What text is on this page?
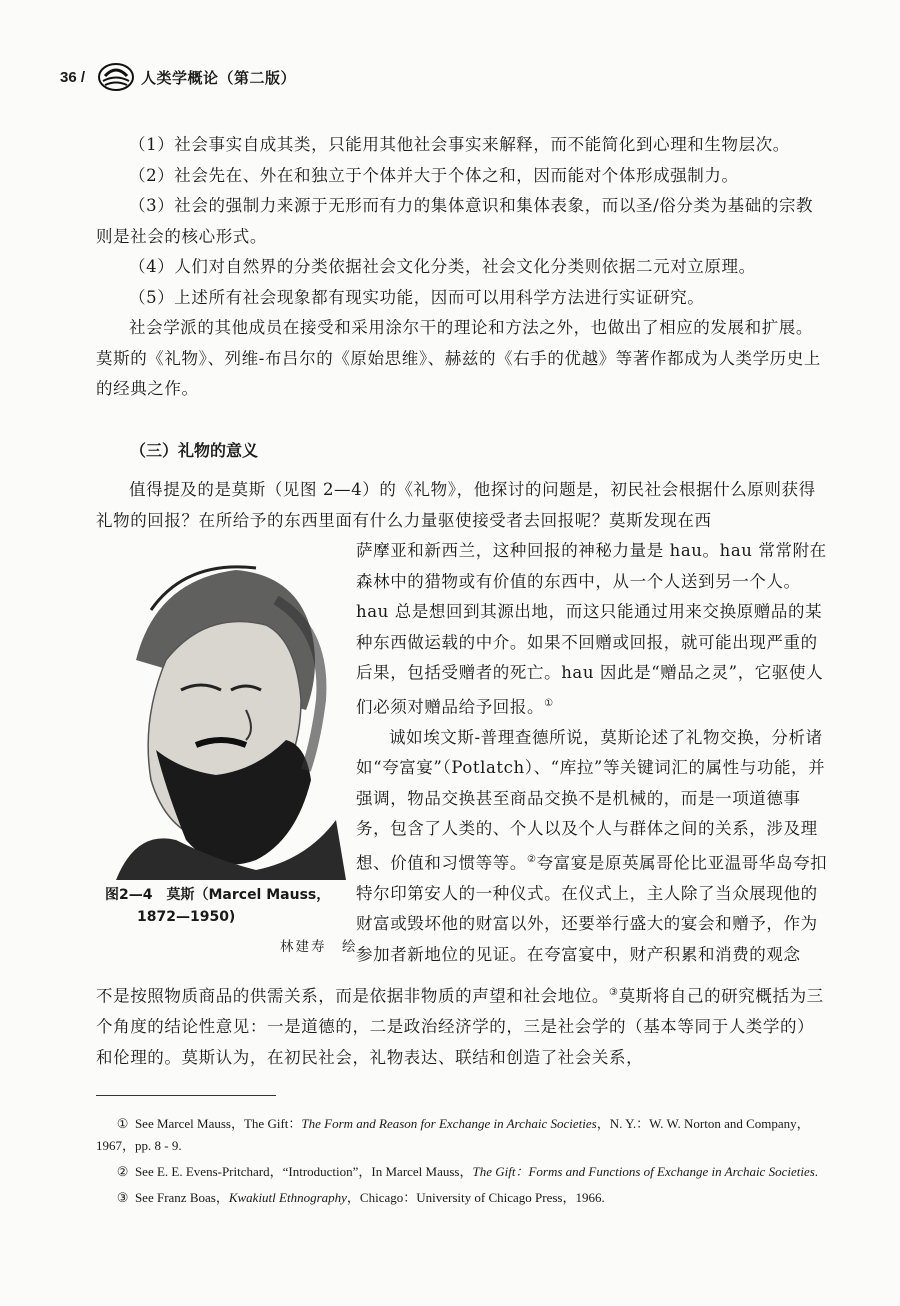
36 /	人类学概论（第二版）

（1）社会事实自成其类，只能用其他社会事实来解释，而不能简化到心理和生物层次。

（2）社会先在、外在和独立于个体并大于个体之和，因而能对个体形成强制力。

（3）社会的强制力来源于无形而有力的集体意识和集体表象，而以圣/俗分类为基础的宗教则是社会的核心形式。

（4）人们对自然界的分类依据社会文化分类，社会文化分类则依据二元对立原理。

（5）上述所有社会现象都有现实功能，因而可以用科学方法进行实证研究。

社会学派的其他成员在接受和采用涂尔干的理论和方法之外，也做出了相应的发展和扩展。莫斯的《礼物》、列维-布吕尔的《原始思维》、赫兹的《右手的优越》等著作都成为人类学历史上的经典之作。

（三）礼物的意义

值得提及的是莫斯（见图 2—4）的《礼物》，他探讨的问题是，初民社会根据什么原则获得礼物的回报？在所给予的东西里面有什么力量驱使接受者去回报呢？莫斯发现在西

萨摩亚和新西兰，这种回报的神秘力量是 hau。hau 常常附在森林中的猎物或有价值的东西中，从一个人送到另一个人。hau 总是想回到其源出地，而这只能通过用来交换原赠品的某种东西做运载的中介。如果不回赠或回报，就可能出现严重的后果，包括受赠者的死亡。hau 因此是“赠品之灵”，它驱使人们必须对赠品给予回报。①

诚如埃文斯-普理查德所说，莫斯论述了礼物交换，分析诸如“夸富宴”（Potlatch）、“库拉”等关键词汇的属性与功能，并强调，物品交换甚至商品交换不是机械的，而是一项道德事务，包含了人类的、个人以及个人与群体之间的关系，涉及理想、价值和习惯等等。②夸富宴是原英属哥伦比亚温哥华岛夸扣特尔印第安人的一种仪式。在仪式上，主人除了当众展现他的财富或毁坏他的财富以外，还要举行盛大的宴会和赠予，作为参加者新地位的见证。在夸富宴中，财产积累和消费的观念

不是按照物质商品的供需关系，而是依据非物质的声望和社会地位。③莫斯将自己的研究概括为三个角度的结论性意见：一是道德的，二是政治经济学的，三是社会学的（基本等同于人类学的）和伦理的。莫斯认为，在初民社会，礼物表达、联结和创造了社会关系，

图2—4　莫斯（Marcel Mauss，
1872—1950)
林建寿　绘

① See Marcel Mauss，The Gift：The Form and Reason for Exchange in Archaic Societies，N. Y.：W. W. Norton and Company，1967，pp. 8 - 9.

② See E. E. Evens-Pritchard，“Introduction”，In Marcel Mauss，The Gift：Forms and Functions of Exchange in Archaic Societies.

③ See Franz Boas，Kwakiutl Ethnography，Chicago：University of Chicago Press，1966.
